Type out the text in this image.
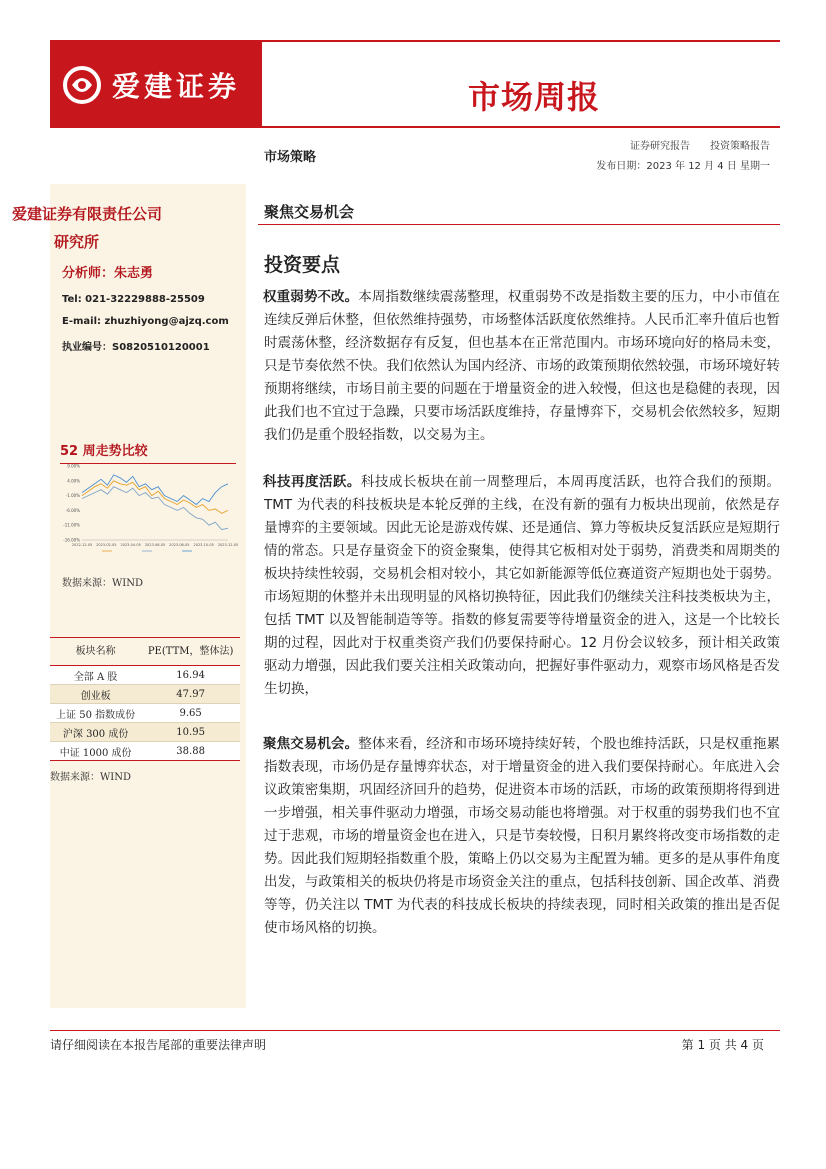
爱建证券	市场周报
证券研究报告　　投资策略报告
市场策略
发布日期：2023 年 12 月 4 日 星期一
爱建证券有限责任公司
研究所
分析师：朱志勇
Tel: 021-32229888-25509
E-mail: zhuzhiyong@ajzq.com
执业编号：S0820510120001
52 周走势比较
9.00%
4.00%
-1.00%
-6.00%
-11.00%
-16.00%
2022-12-05 2023-02-05 2023-04-05 2023-06-05 2023-08-05 2023-10-05 2023-12-05
数据来源：WIND
板块名称	PE(TTM，整体法)
全部 A 股	16.94
创业板	47.97
上证 50 指数成份	9.65
沪深 300 成份	10.95
中证 1000 成份	38.88
数据来源：WIND
聚焦交易机会
投资要点
权重弱势不改。本周指数继续震荡整理，权重弱势不改是指数主要的压力，中小市值在连续反弹后休整，但依然维持强势，市场整体活跃度依然维持。人民币汇率升值后也暂时震荡休整，经济数据存有反复，但也基本在正常范围内。市场环境向好的格局未变，只是节奏依然不快。我们依然认为国内经济、市场的政策预期依然较强，市场环境好转预期将继续，市场目前主要的问题在于增量资金的进入较慢，但这也是稳健的表现，因此我们也不宜过于急躁，只要市场活跃度维持，存量博弈下，交易机会依然较多，短期我们仍是重个股轻指数，以交易为主。
科技再度活跃。科技成长板块在前一周整理后，本周再度活跃，也符合我们的预期。TMT 为代表的科技板块是本轮反弹的主线，在没有新的强有力板块出现前，依然是存量博弈的主要领域。因此无论是游戏传媒、还是通信、算力等板块反复活跃应是短期行情的常态。只是存量资金下的资金聚集，使得其它板相对处于弱势，消费类和周期类的板块持续性较弱，交易机会相对较小，其它如新能源等低位赛道资产短期也处于弱势。市场短期的休整并未出现明显的风格切换特征，因此我们仍继续关注科技类板块为主，包括 TMT 以及智能制造等等。指数的修复需要等待增量资金的进入，这是一个比较长期的过程，因此对于权重类资产我们仍要保持耐心。12 月份会议较多，预计相关政策驱动力增强，因此我们要关注相关政策动向，把握好事件驱动力，观察市场风格是否发生切换，
聚焦交易机会。整体来看，经济和市场环境持续好转，个股也维持活跃，只是权重拖累指数表现，市场仍是存量博弈状态，对于增量资金的进入我们要保持耐心。年底进入会议政策密集期，巩固经济回升的趋势，促进资本市场的活跃，市场的政策预期将得到进一步增强，相关事件驱动力增强，市场交易动能也将增强。对于权重的弱势我们也不宜过于悲观，市场的增量资金也在进入，只是节奏较慢，日积月累终将改变市场指数的走势。因此我们短期轻指数重个股，策略上仍以交易为主配置为辅。更多的是从事件角度出发，与政策相关的板块仍将是市场资金关注的重点，包括科技创新、国企改革、消费等等，仍关注以 TMT 为代表的科技成长板块的持续表现，同时相关政策的推出是否促使市场风格的切换。
请仔细阅读在本报告尾部的重要法律声明	第 1 页 共 4 页
